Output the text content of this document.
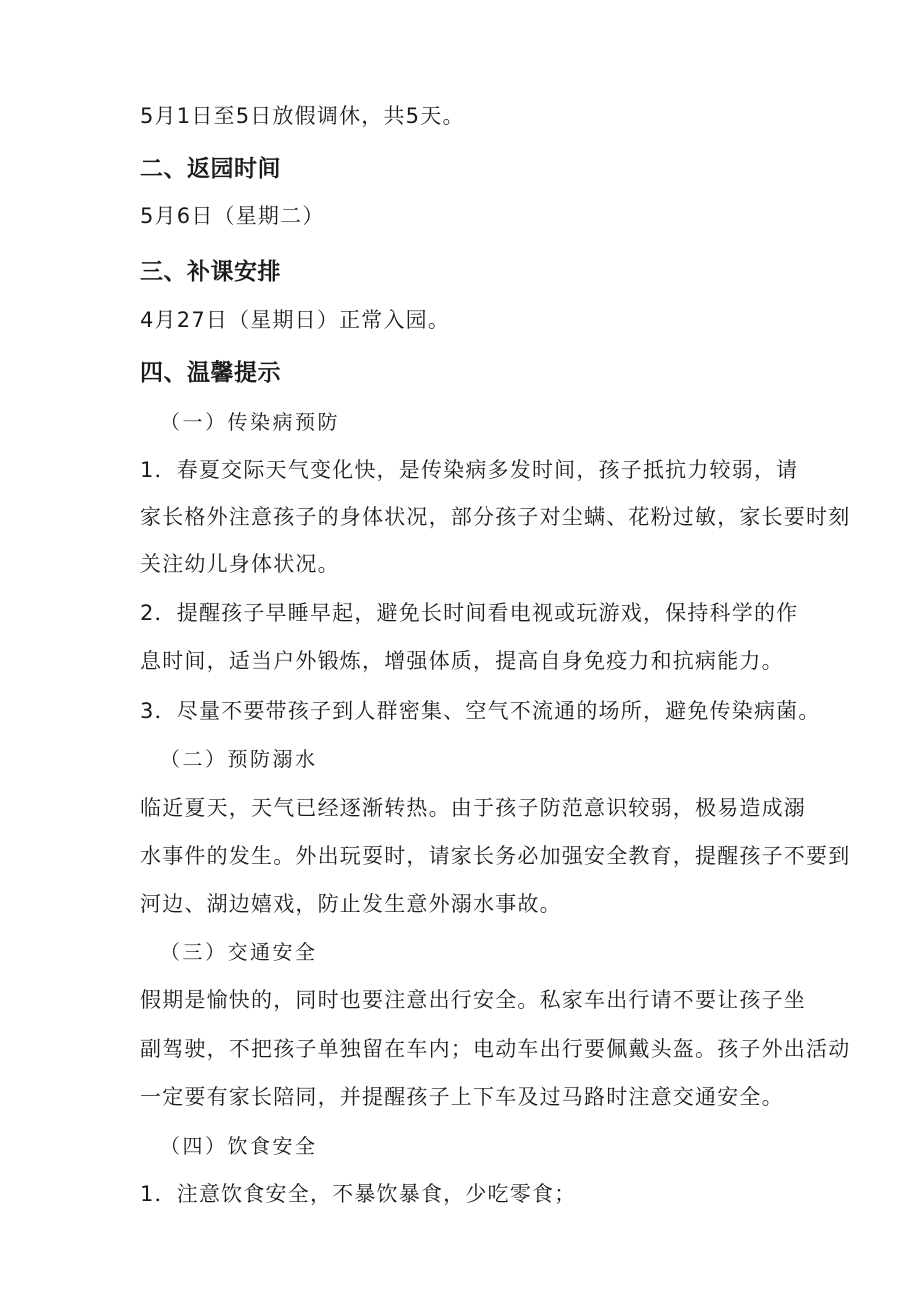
5月1日至5日放假调休，共5天。
二、返园时间
5月6日（星期二）
三、补课安排
4月27日（星期日）正常入园。
四、温馨提示
（一）传染病预防
1．春夏交际天气变化快，是传染病多发时间，孩子抵抗力较弱，请
家长格外注意孩子的身体状况，部分孩子对尘螨、花粉过敏，家长要时刻
关注幼儿身体状况。
2．提醒孩子早睡早起，避免长时间看电视或玩游戏，保持科学的作
息时间，适当户外锻炼，增强体质，提高自身免疫力和抗病能力。
3．尽量不要带孩子到人群密集、空气不流通的场所，避免传染病菌。
（二）预防溺水
临近夏天，天气已经逐渐转热。由于孩子防范意识较弱，极易造成溺
水事件的发生。外出玩耍时，请家长务必加强安全教育，提醒孩子不要到
河边、湖边嬉戏，防止发生意外溺水事故。
（三）交通安全
假期是愉快的，同时也要注意出行安全。私家车出行请不要让孩子坐
副驾驶，不把孩子单独留在车内；电动车出行要佩戴头盔。孩子外出活动
一定要有家长陪同，并提醒孩子上下车及过马路时注意交通安全。
（四）饮食安全
1．注意饮食安全，不暴饮暴食，少吃零食；
